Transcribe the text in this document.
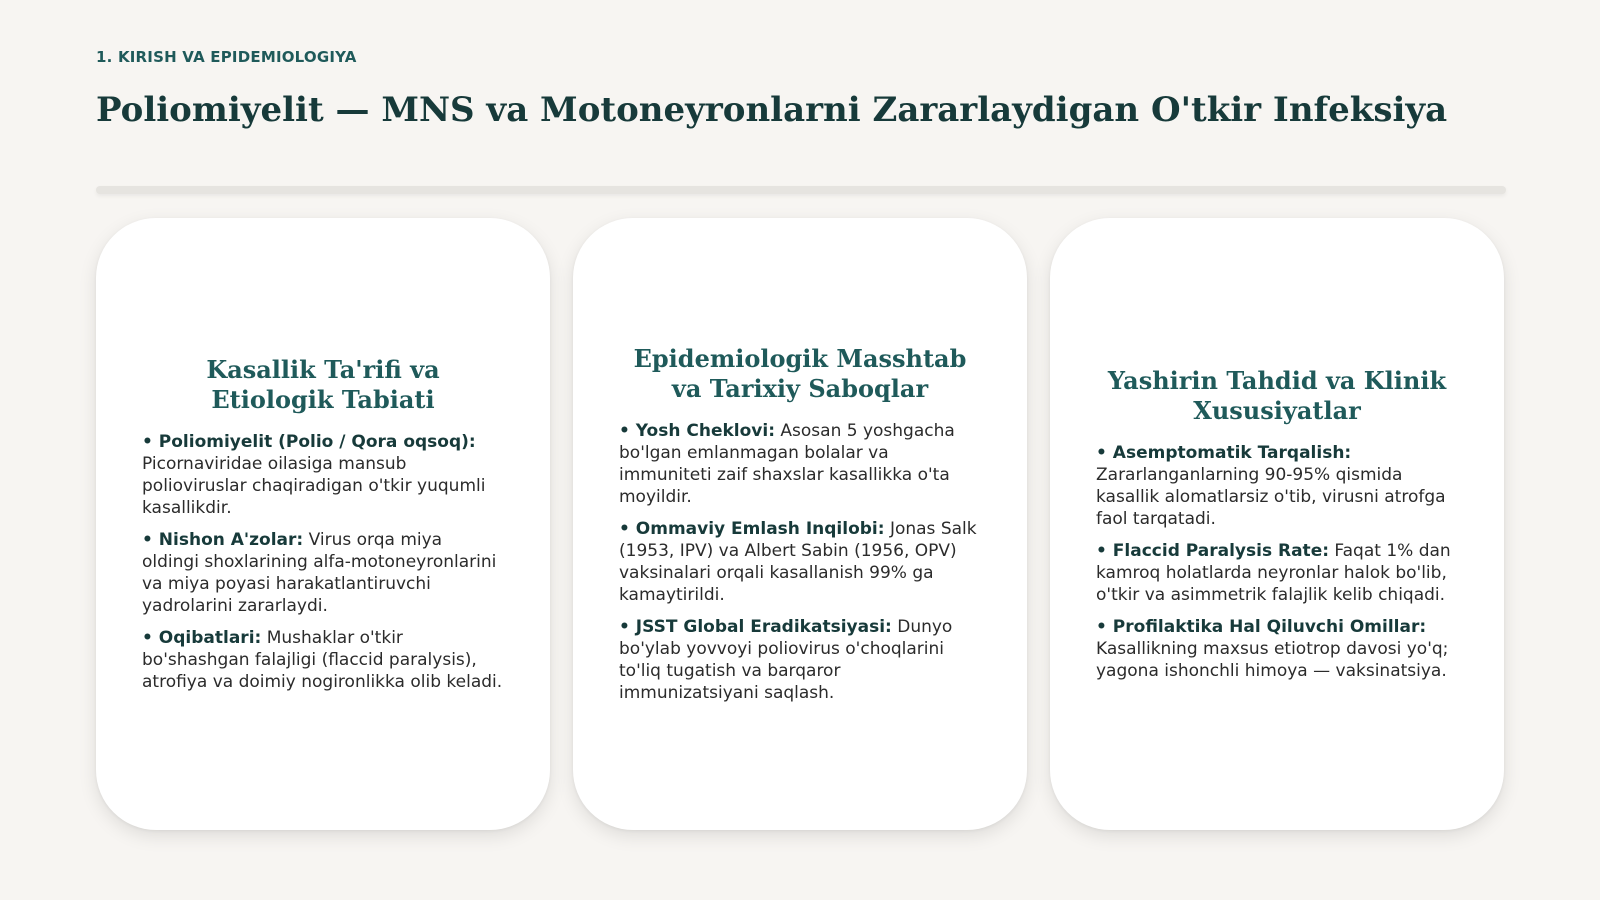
1. KIRISH VA EPIDEMIOLOGIYA
Poliomiyelit — MNS va Motoneyronlarni Zararlaydigan O'tkir Infeksiya
Kasallik Ta'rifi va Etiologik Tabiati
• Poliomiyelit (Polio / Qora oqsoq): Picornaviridae oilasiga mansub polioviruslar chaqiradigan o'tkir yuqumli kasallikdir.
• Nishon A'zolar: Virus orqa miya oldingi shoxlarining alfa-motoneyronlarini va miya poyasi harakatlantiruvchi yadrolarini zararlaydi.
• Oqibatlari: Mushaklar o'tkir bo'shashgan falajligi (flaccid paralysis), atrofiya va doimiy nogironlikka olib keladi.
Epidemiologik Masshtab va Tarixiy Saboqlar
• Yosh Cheklovi: Asosan 5 yoshgacha bo'lgan emlanmagan bolalar va immuniteti zaif shaxslar kasallikka o'ta moyildir.
• Ommaviy Emlash Inqilobi: Jonas Salk (1953, IPV) va Albert Sabin (1956, OPV) vaksinalari orqali kasallanish 99% ga kamaytirildi.
• JSST Global Eradikatsiyasi: Dunyo bo'ylab yovvoyi poliovirus o'choqlarini to'liq tugatish va barqaror immunizatsiyani saqlash.
Yashirin Tahdid va Klinik Xususiyatlar
• Asemptomatik Tarqalish: Zararlanganlarning 90-95% qismida kasallik alomatlarsiz o'tib, virusni atrofga faol tarqatadi.
• Flaccid Paralysis Rate: Faqat 1% dan kamroq holatlarda neyronlar halok bo'lib, o'tkir va asimmetrik falajlik kelib chiqadi.
• Profilaktika Hal Qiluvchi Omillar: Kasallikning maxsus etiotrop davosi yo'q; yagona ishonchli himoya — vaksinatsiya.
